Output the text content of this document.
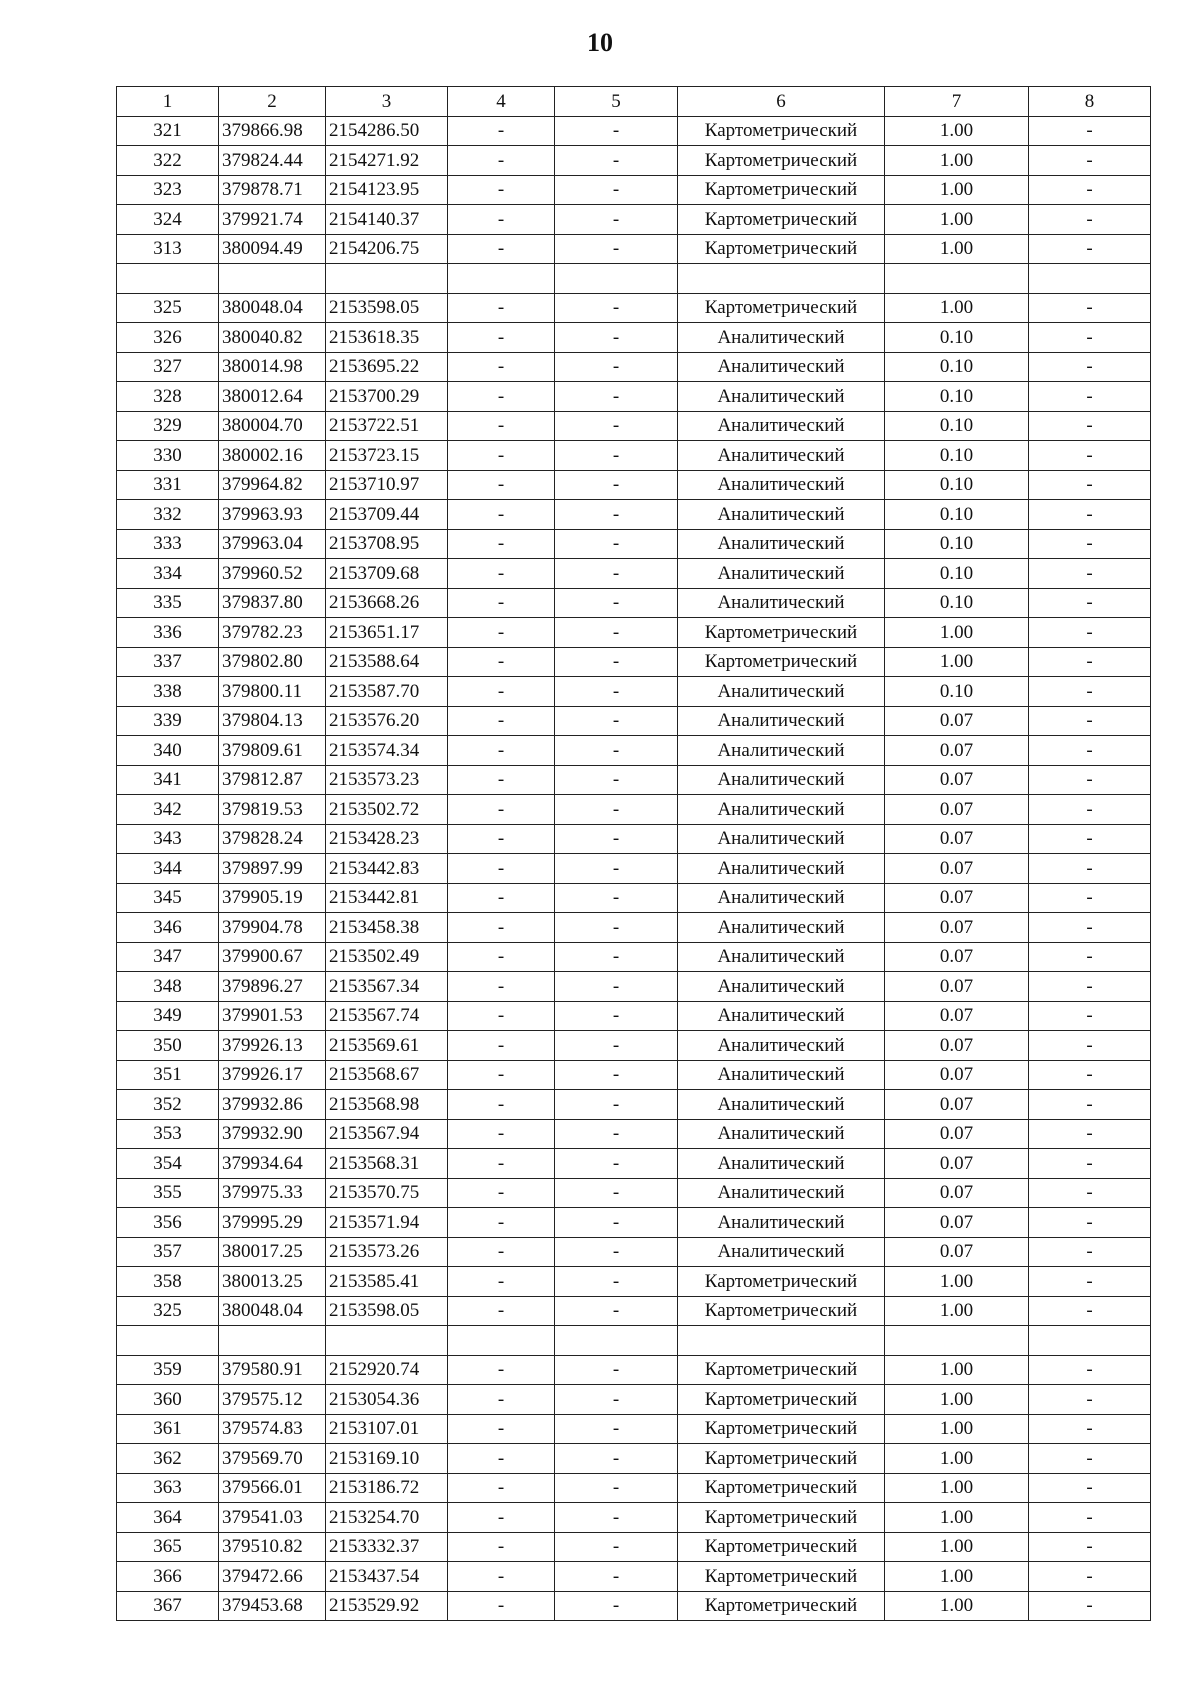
10
1	2	3	4	5	6	7	8
321	379866.98	2154286.50	-	-	Картометрический	1.00	-
322	379824.44	2154271.92	-	-	Картометрический	1.00	-
323	379878.71	2154123.95	-	-	Картометрический	1.00	-
324	379921.74	2154140.37	-	-	Картометрический	1.00	-
313	380094.49	2154206.75	-	-	Картометрический	1.00	-

325	380048.04	2153598.05	-	-	Картометрический	1.00	-
326	380040.82	2153618.35	-	-	Аналитический	0.10	-
327	380014.98	2153695.22	-	-	Аналитический	0.10	-
328	380012.64	2153700.29	-	-	Аналитический	0.10	-
329	380004.70	2153722.51	-	-	Аналитический	0.10	-
330	380002.16	2153723.15	-	-	Аналитический	0.10	-
331	379964.82	2153710.97	-	-	Аналитический	0.10	-
332	379963.93	2153709.44	-	-	Аналитический	0.10	-
333	379963.04	2153708.95	-	-	Аналитический	0.10	-
334	379960.52	2153709.68	-	-	Аналитический	0.10	-
335	379837.80	2153668.26	-	-	Аналитический	0.10	-
336	379782.23	2153651.17	-	-	Картометрический	1.00	-
337	379802.80	2153588.64	-	-	Картометрический	1.00	-
338	379800.11	2153587.70	-	-	Аналитический	0.10	-
339	379804.13	2153576.20	-	-	Аналитический	0.07	-
340	379809.61	2153574.34	-	-	Аналитический	0.07	-
341	379812.87	2153573.23	-	-	Аналитический	0.07	-
342	379819.53	2153502.72	-	-	Аналитический	0.07	-
343	379828.24	2153428.23	-	-	Аналитический	0.07	-
344	379897.99	2153442.83	-	-	Аналитический	0.07	-
345	379905.19	2153442.81	-	-	Аналитический	0.07	-
346	379904.78	2153458.38	-	-	Аналитический	0.07	-
347	379900.67	2153502.49	-	-	Аналитический	0.07	-
348	379896.27	2153567.34	-	-	Аналитический	0.07	-
349	379901.53	2153567.74	-	-	Аналитический	0.07	-
350	379926.13	2153569.61	-	-	Аналитический	0.07	-
351	379926.17	2153568.67	-	-	Аналитический	0.07	-
352	379932.86	2153568.98	-	-	Аналитический	0.07	-
353	379932.90	2153567.94	-	-	Аналитический	0.07	-
354	379934.64	2153568.31	-	-	Аналитический	0.07	-
355	379975.33	2153570.75	-	-	Аналитический	0.07	-
356	379995.29	2153571.94	-	-	Аналитический	0.07	-
357	380017.25	2153573.26	-	-	Аналитический	0.07	-
358	380013.25	2153585.41	-	-	Картометрический	1.00	-
325	380048.04	2153598.05	-	-	Картометрический	1.00	-

359	379580.91	2152920.74	-	-	Картометрический	1.00	-
360	379575.12	2153054.36	-	-	Картометрический	1.00	-
361	379574.83	2153107.01	-	-	Картометрический	1.00	-
362	379569.70	2153169.10	-	-	Картометрический	1.00	-
363	379566.01	2153186.72	-	-	Картометрический	1.00	-
364	379541.03	2153254.70	-	-	Картометрический	1.00	-
365	379510.82	2153332.37	-	-	Картометрический	1.00	-
366	379472.66	2153437.54	-	-	Картометрический	1.00	-
367	379453.68	2153529.92	-	-	Картометрический	1.00	-
